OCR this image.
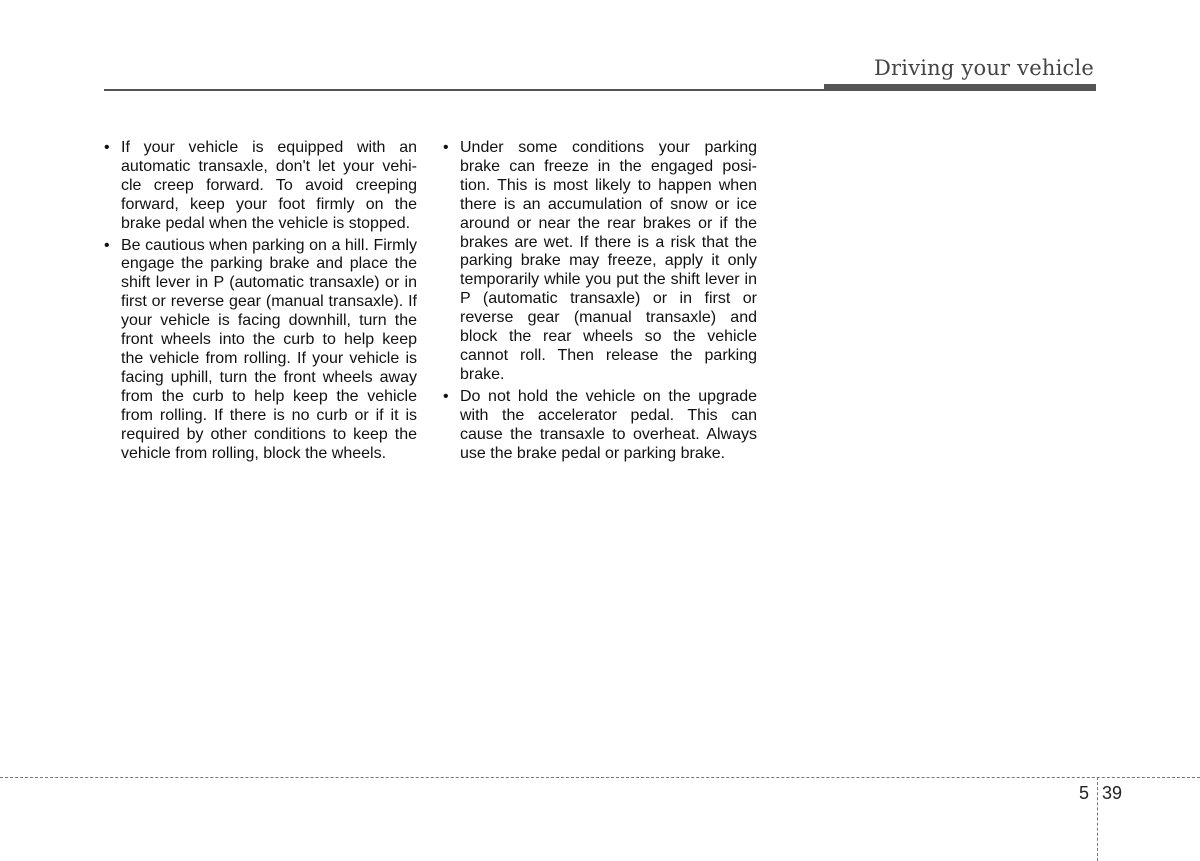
Driving your vehicle
• If your vehicle is equipped with an automatic transaxle, don't let your vehi-cle creep forward. To avoid creeping forward, keep your foot firmly on the brake pedal when the vehicle is stopped.
• Be cautious when parking on a hill. Firmly engage the parking brake and place the shift lever in P (automatic transaxle) or in first or reverse gear (manual transaxle). If your vehicle is facing downhill, turn the front wheels into the curb to help keep the vehicle from rolling. If your vehicle is facing uphill, turn the front wheels away from the curb to help keep the vehicle from rolling. If there is no curb or if it is required by other conditions to keep the vehicle from rolling, block the wheels.
• Under some conditions your parking brake can freeze in the engaged posi-tion. This is most likely to happen when there is an accumulation of snow or ice around or near the rear brakes or if the brakes are wet. If there is a risk that the parking brake may freeze, apply it only temporarily while you put the shift lever in P (automatic transaxle) or in first or reverse gear (manual transaxle) and block the rear wheels so the vehicle cannot roll. Then release the parking brake.
• Do not hold the vehicle on the upgrade with the accelerator pedal. This can cause the transaxle to overheat. Always use the brake pedal or parking brake.
5 39
